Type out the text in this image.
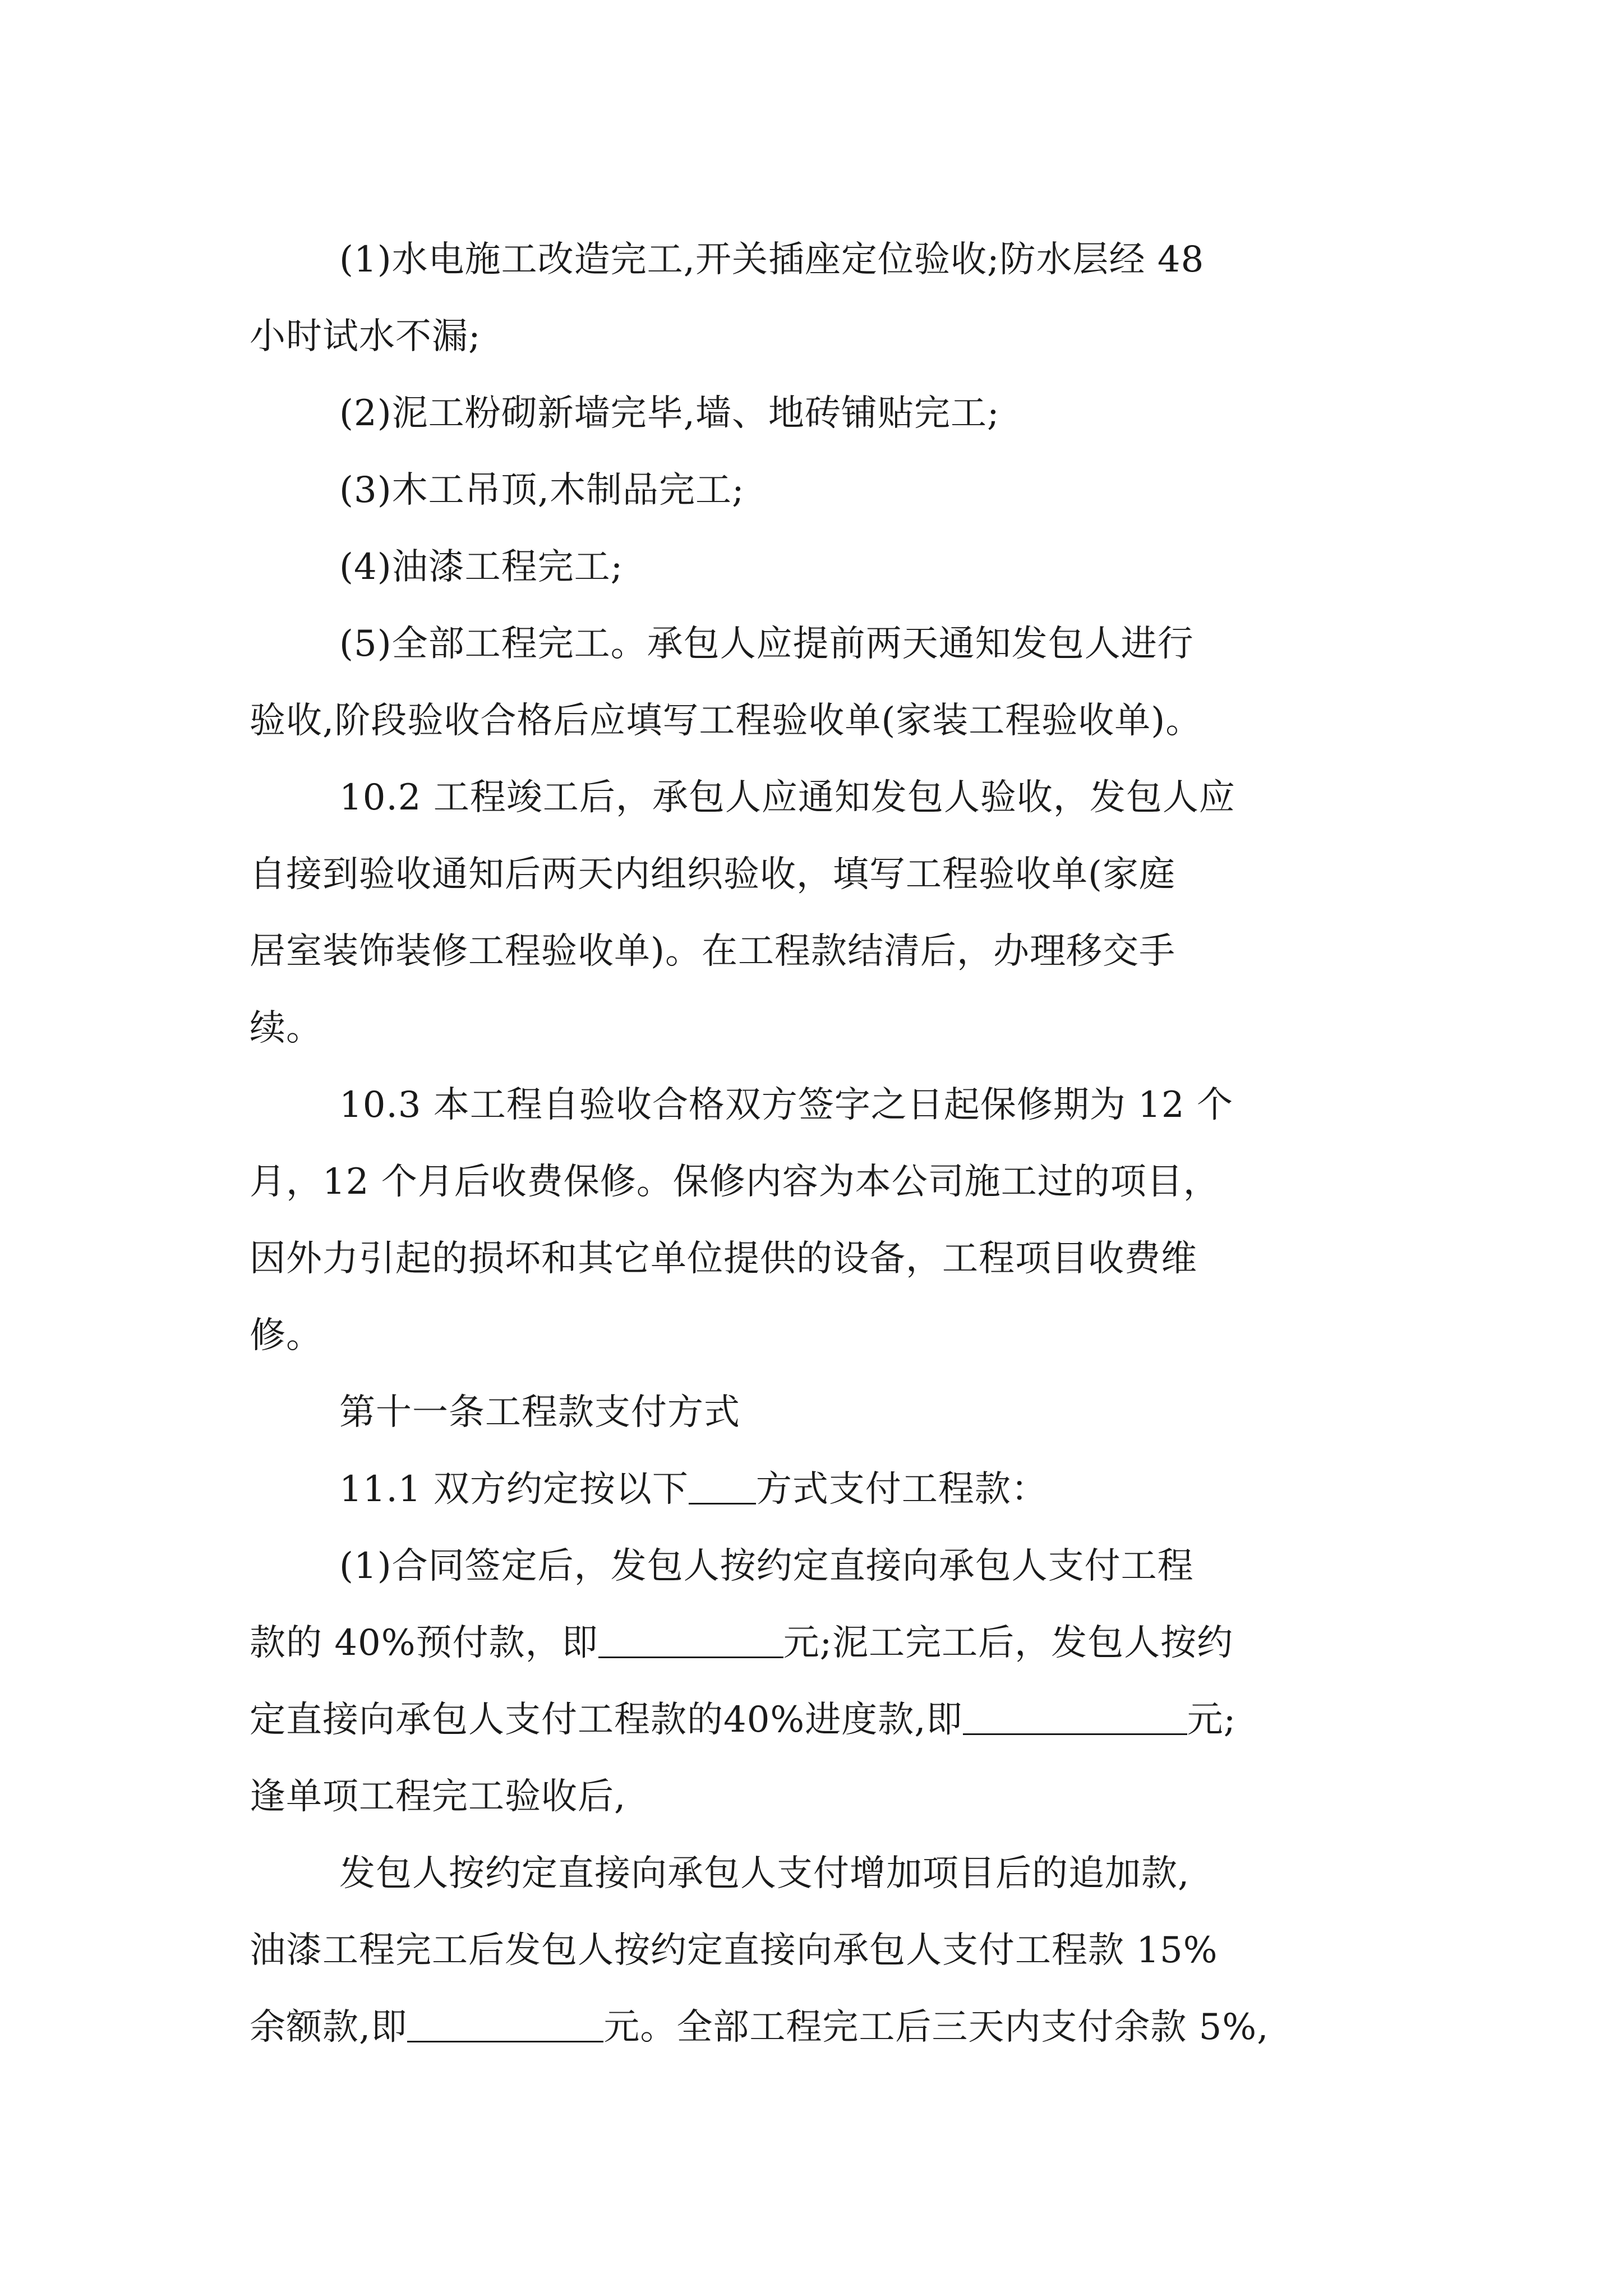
(1)水电施工改造完工,开关插座定位验收;防水层经 48
小时试水不漏;
(2)泥工粉砌新墙完毕,墙、地砖铺贴完工;
(3)木工吊顶,木制品完工;
(4)油漆工程完工;
(5)全部工程完工。承包人应提前两天通知发包人进行
验收,阶段验收合格后应填写工程验收单(家装工程验收单)。
10.2 工程竣工后，承包人应通知发包人验收，发包人应
自接到验收通知后两天内组织验收，填写工程验收单(家庭
居室装饰装修工程验收单)。在工程款结清后，办理移交手
续。
10.3 本工程自验收合格双方签字之日起保修期为 12 个
月，12 个月后收费保修。保修内容为本公司施工过的项目，
因外力引起的损坏和其它单位提供的设备，工程项目收费维
修。
第十一条工程款支付方式
11.1 双方约定按以下 方式支付工程款：
(1)合同签定后，发包人按约定直接向承包人支付工程
款的 40%预付款，即	元;泥工完工后，发包人按约
定直接向承包人支付工程款的40%进度款,即	元;
逢单项工程完工验收后,
发包人按约定直接向承包人支付增加项目后的追加款,
油漆工程完工后发包人按约定直接向承包人支付工程款 15%
余额款,即	元。全部工程完工后三天内支付余款 5%,
